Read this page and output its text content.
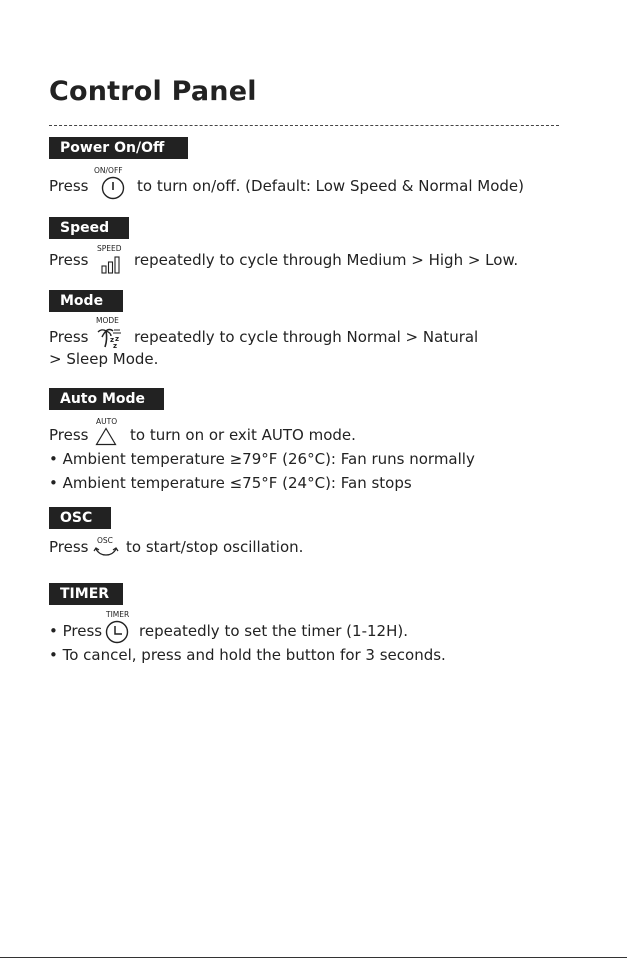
Control Panel
Power On/Off
Press
ON/OFF
to turn on/off. (Default: Low Speed & Normal Mode)
Speed
Press
SPEED
repeatedly to cycle through Medium > High > Low.
Mode
Press
MODE
z z
z repeatedly to cycle through Normal > Natural
> Sleep Mode.
Auto Mode
Press
AUTO
to turn on or exit AUTO mode.
• Ambient temperature ≥79°F (26°C): Fan runs normally
• Ambient temperature ≤75°F (24°C): Fan stops
OSC
Press OSC to start/stop oscillation.
TIMER
• Press
TIMER
repeatedly to set the timer (1-12H).
• To cancel, press and hold the button for 3 seconds.
